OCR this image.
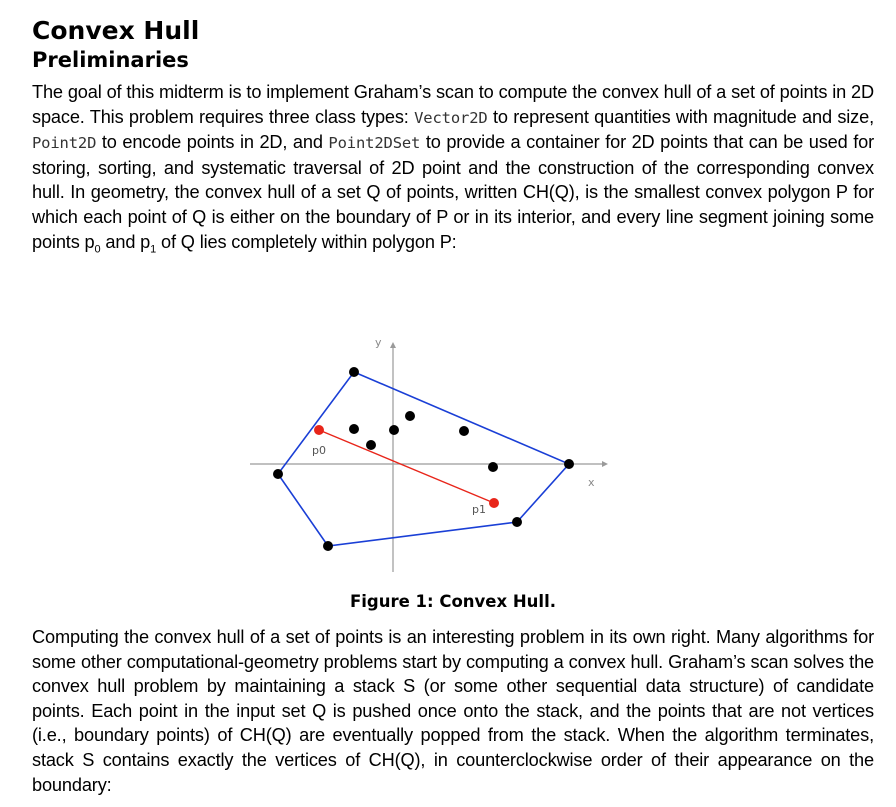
Convex Hull
Preliminaries

The goal of this midterm is to implement Graham’s scan to compute the convex hull of a set of points in 2D space. This problem requires three class types: Vector2D to represent quantities with magnitude and size, Point2D to encode points in 2D, and Point2DSet to provide a container for 2D points that can be used for storing, sorting, and systematic traversal of 2D point and the construction of the corresponding convex hull. In geometry, the convex hull of a set Q of points, written CH(Q), is the smallest convex polygon P for which each point of Q is either on the boundary of P or in its interior, and every line segment joining some points $p_0$ and $p_1$ of Q lies completely within polygon P:

x
y
p0
p1
Figure 1: Convex Hull.

Computing the convex hull of a set of points is an interesting problem in its own right. Many algorithms for some other computational-geometry problems start by computing a convex hull. Graham’s scan solves the convex hull problem by maintaining a stack S (or some other sequential data structure) of candidate points. Each point in the input set Q is pushed once onto the stack, and the points that are not vertices (i.e., boundary points) of CH(Q) are eventually popped from the stack. When the algorithm terminates, stack S contains exactly the vertices of CH(Q), in counterclockwise order of their appearance on the boundary:
